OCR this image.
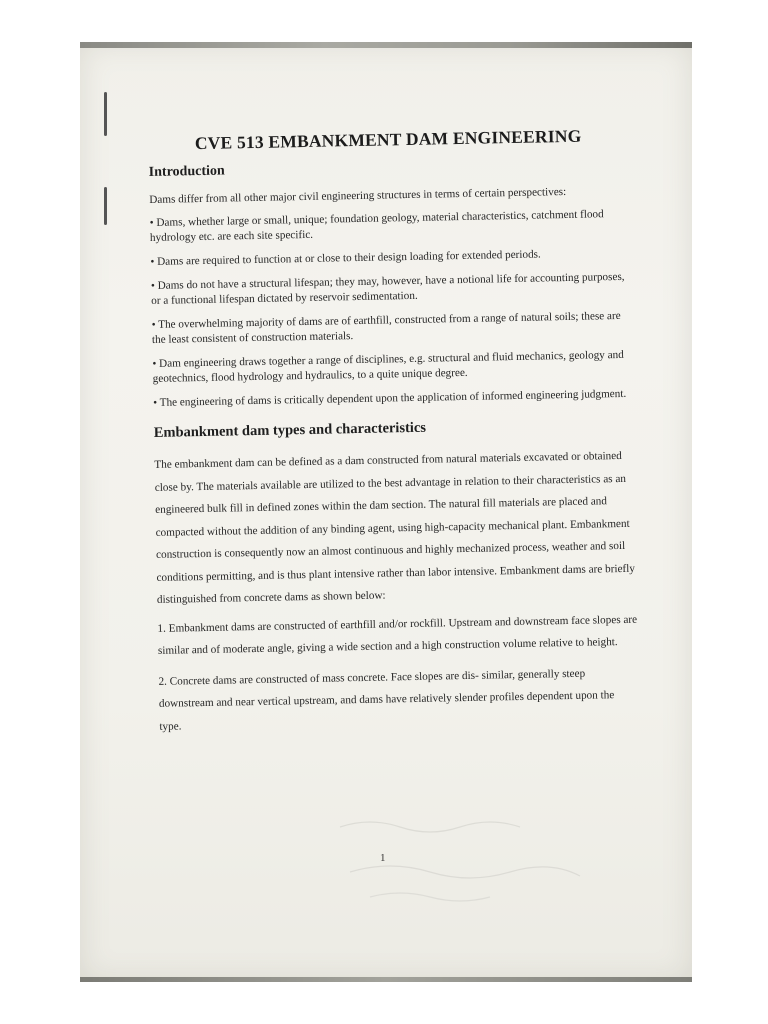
CVE 513 EMBANKMENT DAM ENGINEERING
Introduction

Dams differ from all other major civil engineering structures in terms of certain perspectives:

• Dams, whether large or small, unique; foundation geology, material characteristics, catchment flood hydrology etc. are each site specific.

• Dams are required to function at or close to their design loading for extended periods.

• Dams do not have a structural lifespan; they may, however, have a notional life for accounting purposes, or a functional lifespan dictated by reservoir sedimentation.

• The overwhelming majority of dams are of earthfill, constructed from a range of natural soils; these are the least consistent of construction materials.

• Dam engineering draws together a range of disciplines, e.g. structural and fluid mechanics, geology and geotechnics, flood hydrology and hydraulics, to a quite unique degree.

• The engineering of dams is critically dependent upon the application of informed engineering judgment.

Embankment dam types and characteristics

The embankment dam can be defined as a dam constructed from natural materials excavated or obtained close by. The materials available are utilized to the best advantage in relation to their characteristics as an engineered bulk fill in defined zones within the dam section. The natural fill materials are placed and compacted without the addition of any binding agent, using high-capacity mechanical plant. Embankment construction is consequently now an almost continuous and highly mechanized process, weather and soil conditions permitting, and is thus plant intensive rather than labor intensive. Embankment dams are briefly distinguished from concrete dams as shown below:

1. Embankment dams are constructed of earthfill and/or rockfill. Upstream and downstream face slopes are similar and of moderate angle, giving a wide section and a high construction volume relative to height.

2. Concrete dams are constructed of mass concrete. Face slopes are dis- similar, generally steep downstream and near vertical upstream, and dams have relatively slender profiles dependent upon the type.

1
